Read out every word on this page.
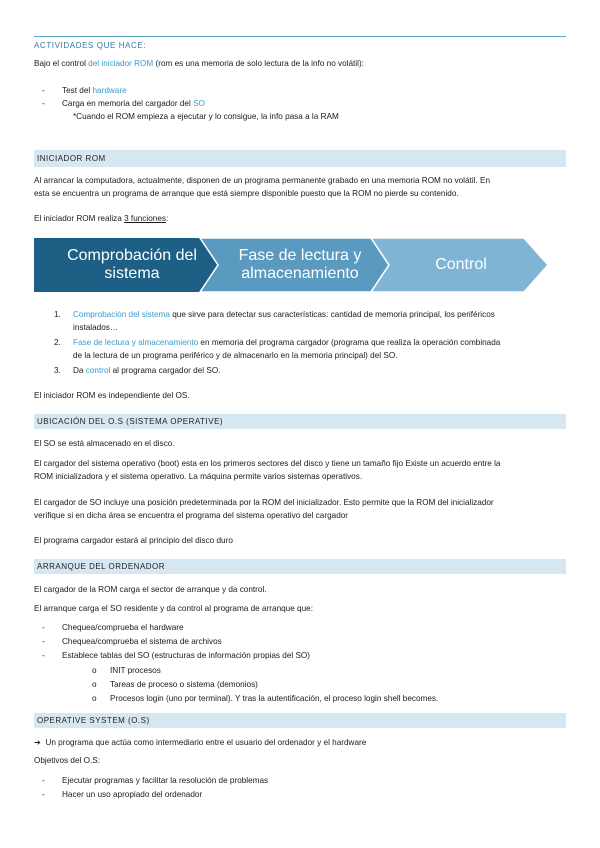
ACTIVIDADES QUE HACE:
Bajo el control del iniciador ROM (rom es una memoria de solo lectura de la info no volátil):
-	Test del hardware
-	Carga en memoria del cargador del SO
*Cuando el ROM empieza a ejecutar y lo consigue, la info pasa a la RAM
INICIADOR ROM
Al arrancar la computadora, actualmente, disponen de un programa permanente grabado en una memoria ROM no volátil. En
esta se encuentra un programa de arranque que está siempre disponible puesto que la ROM no pierde su contenido.
El iniciador ROM realiza 3 funciones:
Comprobación del
sistema
Fase de lectura y
almacenamiento
Control
1.	Comprobación del sistema que sirve para detectar sus características: cantidad de memoria principal, los periféricos
instalados…
2.	Fase de lectura y almacenamiento en memoria del programa cargador (programa que realiza la operación combinada
de la lectura de un programa periférico y de almacenarlo en la memoria principal) del SO.
3.	Da control al programa cargador del SO.
El iniciador ROM es independiente del OS.
UBICACIÓN DEL O.S (SISTEMA OPERATIVE)
El SO se está almacenado en el disco.
El cargador del sistema operativo (boot) esta en los primeros sectores del disco y tiene un tamaño fijo Existe un acuerdo entre la
ROM inicializadora y el sistema operativo. La máquina permite varios sistemas operativos.
El cargador de SO incluye una posición predeterminada por la ROM del inicializador. Esto permite que la ROM del inicializador
verifique si en dicha área se encuentra el programa del sistema operativo del cargador
El programa cargador estará al principio del disco duro
ARRANQUE DEL ORDENADOR
El cargador de la ROM carga el sector de arranque y da control.
El arranque carga el SO residente y da control al programa de arranque que:
-	Chequea/comprueba el hardware
-	Chequea/comprueba el sistema de archivos
-	Establece tablas del SO (estructuras de información propias del SO)
o INIT procesos
o Tareas de proceso o sistema (demonios)
o Procesos login (uno por terminal). Y tras la autentificación, el proceso login shell becomes.
OPERATIVE SYSTEM (O.S)
➔ Un programa que actúa como intermediario entre el usuario del ordenador y el hardware
Objetivos del O.S:
-	Ejecutar programas y facilitar la resolución de problemas
-	Hacer un uso apropiado del ordenador
